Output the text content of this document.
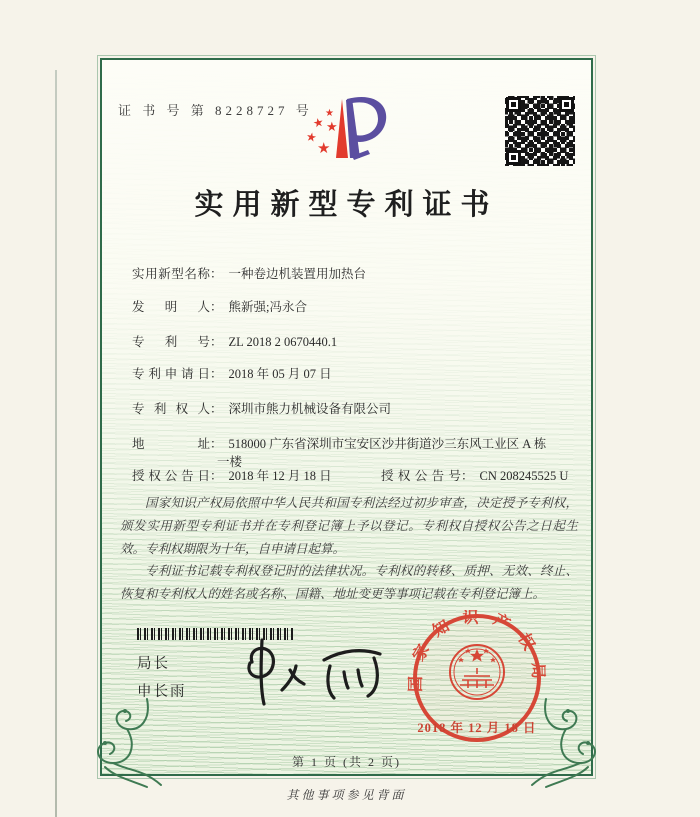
证 书 号 第 8228727 号 ★
★ ★
★
★
实用新型专利证书
实用新型名称： 一种卷边机装置用加热台
发明人： 熊新强;冯永合
专利号： ZL 2018 2 0670440.1
专利申请日： 2018 年 05 月 07 日
专利权人： 深圳市熊力机械设备有限公司
地址： 518000 广东省深圳市宝安区沙井街道沙三东风工业区 A 栋
一楼
授权公告日： 2018 年 12 月 18 日	授权公告号： CN 208245525 U

国家知识产权局依照中华人民共和国专利法经过初步审查，决定授予专利权，颁发实用新型专利证书并在专利登记簿上予以登记。专利权自授权公告之日起生效。专利权期限为十年，自申请日起算。

专利证书记载专利权登记时的法律状况。专利权的转移、质押、无效、终止、恢复和专利权人的姓名或名称、国籍、地址变更等事项记载在专利登记簿上。

局长
申长雨	国家知识产权局
2018 年 12 月 18 日
第 1 页 (共 2 页)
其他事项参见背面
